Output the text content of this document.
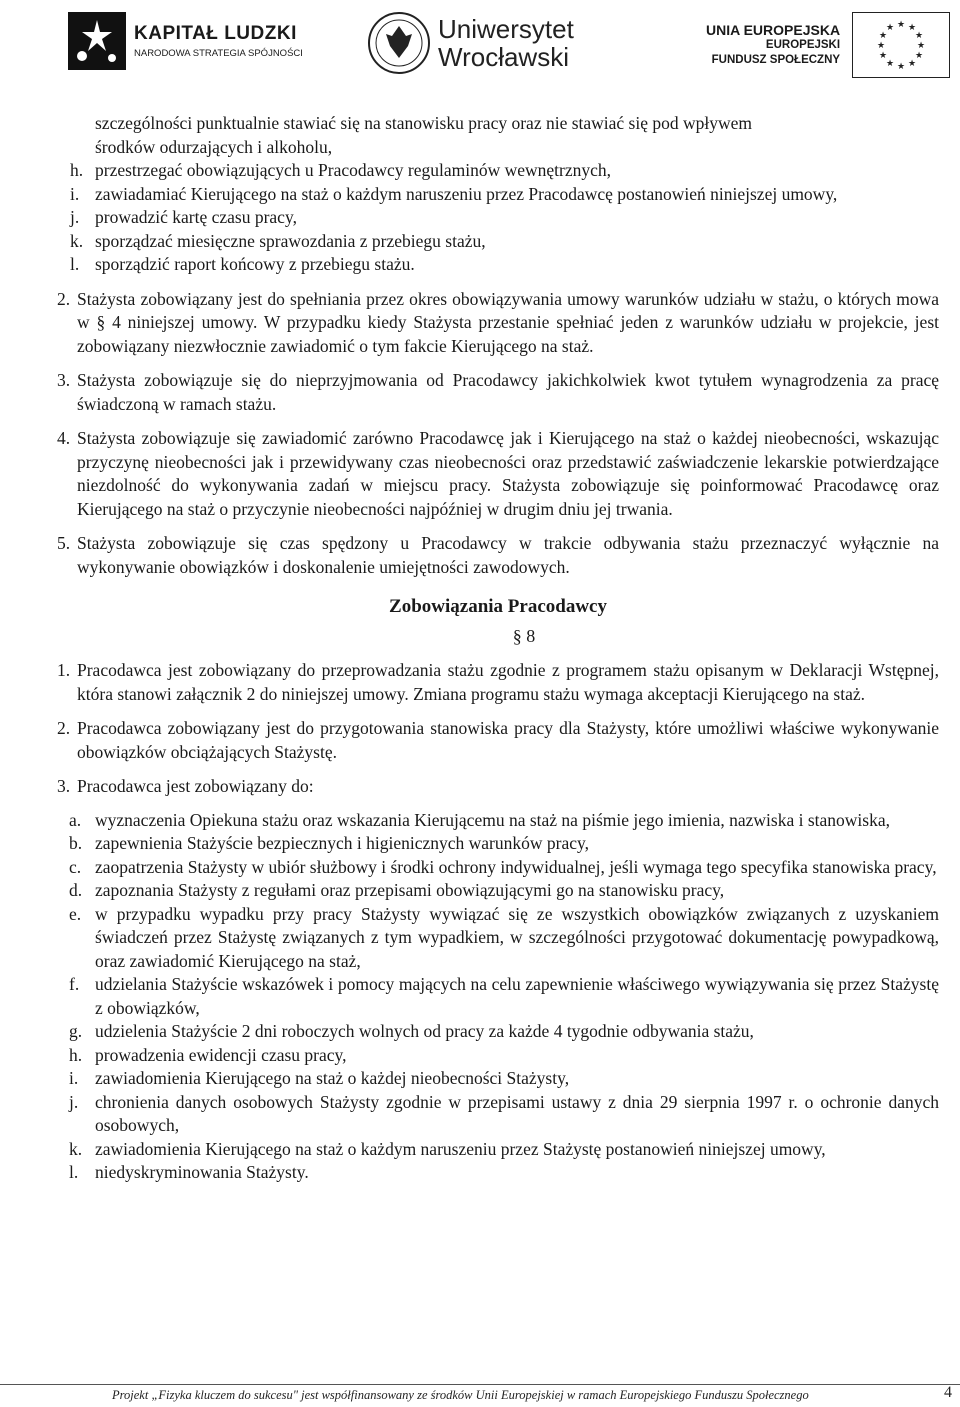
KAPITAŁ LUDZKI
NARODOWA STRATEGIA SPÓJNOŚCI
Uniwersytet
Wrocławski
UNIA EUROPEJSKA
EUROPEJSKI
FUNDUSZ SPOŁECZNY
★ ★
★
★
★
★
★
★
★
★
★
★
szczególności punktualnie stawiać się na stanowisku pracy oraz nie stawiać się pod wpływem
środków odurzających i alkoholu,
h. przestrzegać obowiązujących u Pracodawcy regulaminów wewnętrznych,
i. zawiadamiać Kierującego na staż o każdym naruszeniu przez Pracodawcę postanowień niniejszej umowy,
j. prowadzić kartę czasu pracy,
k. sporządzać miesięczne sprawozdania z przebiegu stażu,
l. sporządzić raport końcowy z przebiegu stażu.
2. Stażysta zobowiązany jest do spełniania przez okres obowiązywania umowy warunków udziału w stażu, o których mowa w § 4 niniejszej umowy. W przypadku kiedy Stażysta przestanie spełniać jeden z warunków udziału w projekcie, jest zobowiązany niezwłocznie zawiadomić o tym fakcie Kierującego na staż.
3. Stażysta zobowiązuje się do nieprzyjmowania od Pracodawcy jakichkolwiek kwot tytułem wynagrodzenia za pracę świadczoną w ramach stażu.
4. Stażysta zobowiązuje się zawiadomić zarówno Pracodawcę jak i Kierującego na staż o każdej nieobecności, wskazując przyczynę nieobecności jak i przewidywany czas nieobecności oraz przedstawić zaświadczenie lekarskie potwierdzające niezdolność do wykonywania zadań w miejscu pracy. Stażysta zobowiązuje się poinformować Pracodawcę oraz Kierującego na staż o przyczynie nieobecności najpóźniej w drugim dniu jej trwania.
5. Stażysta zobowiązuje się czas spędzony u Pracodawcy w trakcie odbywania stażu przeznaczyć wyłącznie na wykonywanie obowiązków i doskonalenie umiejętności zawodowych.
Zobowiązania Pracodawcy
§ 8
1. Pracodawca jest zobowiązany do przeprowadzania stażu zgodnie z programem stażu opisanym w Deklaracji Wstępnej, która stanowi załącznik 2 do niniejszej umowy. Zmiana programu stażu wymaga akceptacji Kierującego na staż.
2. Pracodawca zobowiązany jest do przygotowania stanowiska pracy dla Stażysty, które umożliwi właściwe wykonywanie obowiązków obciążających Stażystę.
3. Pracodawca jest zobowiązany do:
a. wyznaczenia Opiekuna stażu oraz wskazania Kierującemu na staż na piśmie jego imienia, nazwiska i stanowiska,
b. zapewnienia Stażyście bezpiecznych i higienicznych warunków pracy,
c. zaopatrzenia Stażysty w ubiór służbowy i środki ochrony indywidualnej, jeśli wymaga tego specyfika stanowiska pracy,
d. zapoznania Stażysty z regułami oraz przepisami obowiązującymi go na stanowisku pracy,
e. w przypadku wypadku przy pracy Stażysty wywiązać się ze wszystkich obowiązków związanych z uzyskaniem świadczeń przez Stażystę związanych z tym wypadkiem, w szczególności przygotować dokumentację powypadkową, oraz zawiadomić Kierującego na staż,
f. udzielania Stażyście wskazówek i pomocy mających na celu zapewnienie właściwego wywiązywania się przez Stażystę z obowiązków,
g. udzielenia Stażyście 2 dni roboczych wolnych od pracy za każde 4 tygodnie odbywania stażu,
h. prowadzenia ewidencji czasu pracy,
i. zawiadomienia Kierującego na staż o każdej nieobecności Stażysty,
j. chronienia danych osobowych Stażysty zgodnie w przepisami ustawy z dnia 29 sierpnia 1997 r. o ochronie danych osobowych,
k. zawiadomienia Kierującego na staż o każdym naruszeniu przez Stażystę postanowień niniejszej umowy,
l. niedyskryminowania Stażysty.
Projekt „Fizyka kluczem do sukcesu" jest współfinansowany ze środków Unii Europejskiej w ramach Europejskiego Funduszu Społecznego	4
